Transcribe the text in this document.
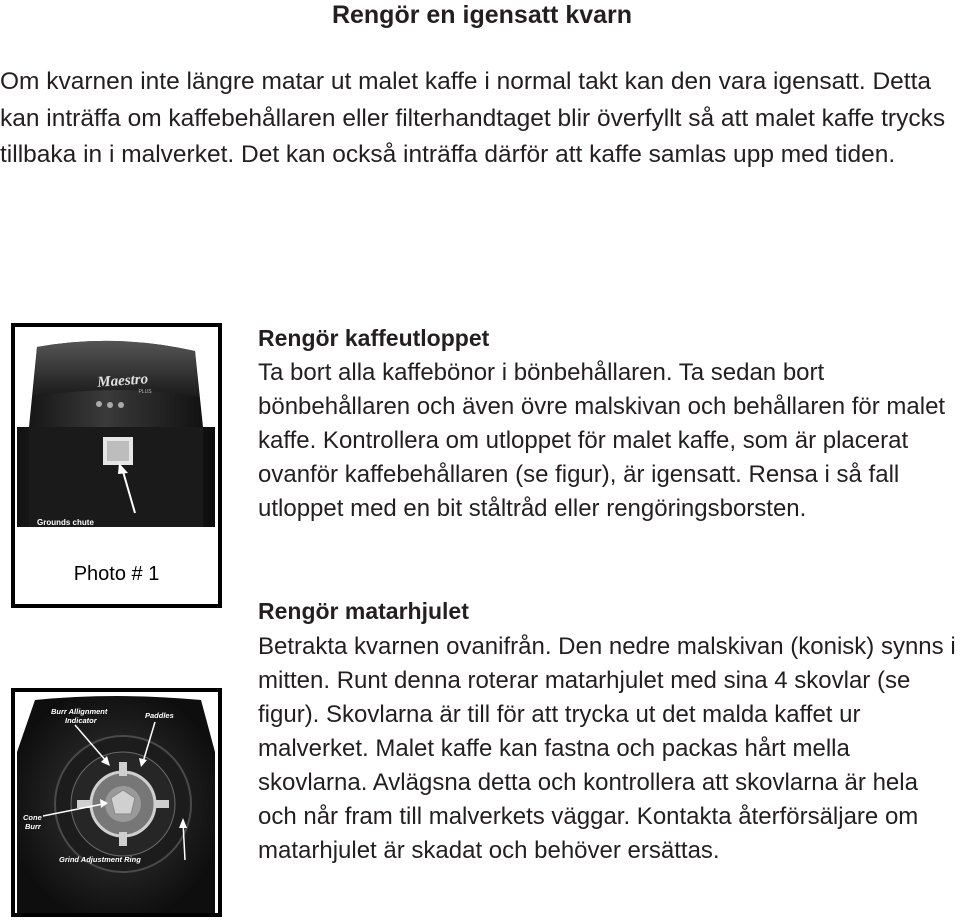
Rengör en igensatt kvarn
Om kvarnen inte längre matar ut malet kaffe i normal takt kan den vara igensatt. Detta kan inträffa om kaffebehållaren eller filterhandtaget blir överfyllt så att malet kaffe trycks tillbaka in i malverket. Det kan också inträffa därför att kaffe samlas upp med tiden.
Maestro
PLUS
Grounds chute
Photo # 1
Burr Allignment
Indicator
Paddles
Cone
Burr
Grind Adjustment Ring
Rengör kaffeutloppet

Ta bort alla kaffebönor i bönbehållaren. Ta sedan bort bönbehållaren och även övre malskivan och behållaren för malet kaffe. Kontrollera om utloppet för malet kaffe, som är placerat ovanför kaffebehållaren (se figur), är igensatt. Rensa i så fall utloppet med en bit ståltråd eller rengöringsborsten.

Rengör matarhjulet

Betrakta kvarnen ovanifrån. Den nedre malskivan (konisk) synns i mitten. Runt denna roterar matarhjulet med sina 4 skovlar (se figur). Skovlarna är till för att trycka ut det malda kaffet ur malverket. Malet kaffe kan fastna och packas hårt mella skovlarna. Avlägsna detta och kontrollera att skovlarna är hela och når fram till malverkets väggar. Kontakta återförsäljare om matarhjulet är skadat och behöver ersättas.
